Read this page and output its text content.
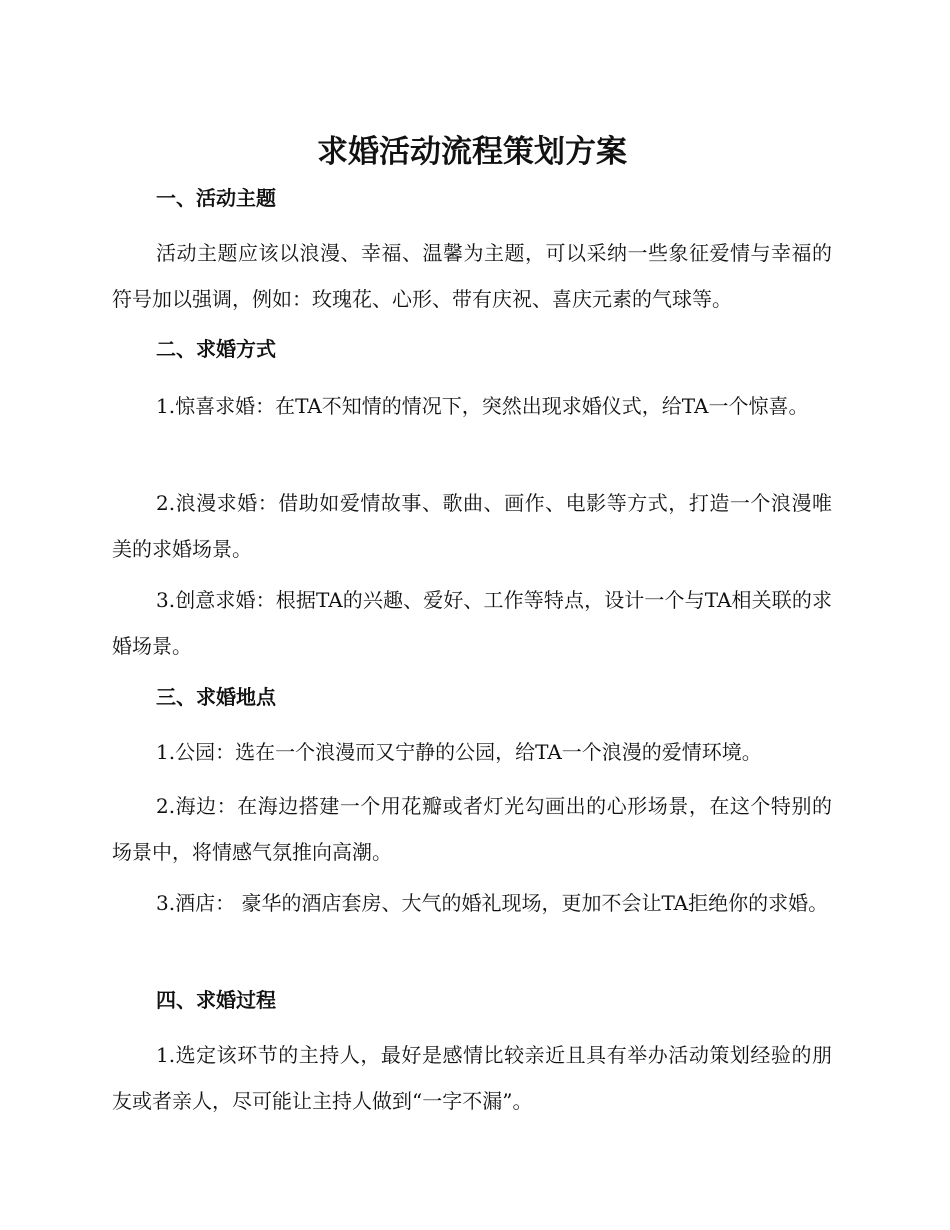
求婚活动流程策划方案
一、活动主题

活动主题应该以浪漫、幸福、温馨为主题，可以采纳一些象征爱情与幸福的符号加以强调，例如：玫瑰花、心形、带有庆祝、喜庆元素的气球等。

二、求婚方式

1.惊喜求婚：在TA不知情的情况下，突然出现求婚仪式，给TA一个惊喜。

2.浪漫求婚：借助如爱情故事、歌曲、画作、电影等方式，打造一个浪漫唯美的求婚场景。

3.创意求婚：根据TA的兴趣、爱好、工作等特点，设计一个与TA相关联的求婚场景。

三、求婚地点

1.公园：选在一个浪漫而又宁静的公园，给TA一个浪漫的爱情环境。

2.海边：在海边搭建一个用花瓣或者灯光勾画出的心形场景，在这个特别的场景中，将情感气氛推向高潮。

3.酒店： 豪华的酒店套房、大气的婚礼现场，更加不会让TA拒绝你的求婚。

四、求婚过程

1.选定该环节的主持人，最好是感情比较亲近且具有举办活动策划经验的朋友或者亲人，尽可能让主持人做到“一字不漏”。
